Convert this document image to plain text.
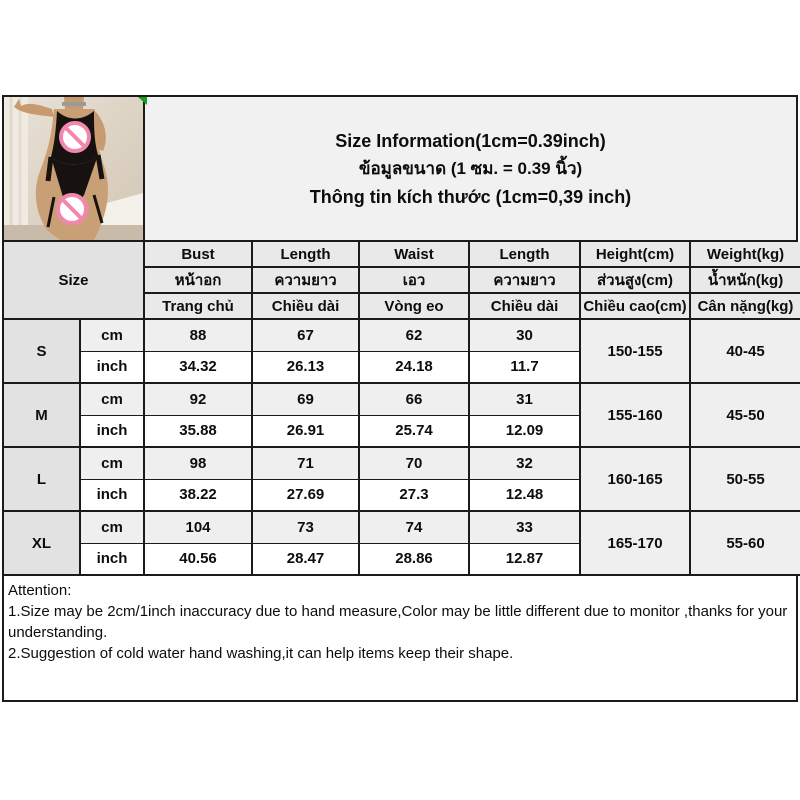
Size Information(1cm=0.39inch)
ข้อมูลขนาด (1 ซม. = 0.39 นิ้ว)
Thông tin kích thước (1cm=0,39 inch)
Size		Bust	Length	Waist	Length	Height(cm)	Weight(kg)
		หน้าอก	ความยาว	เอว	ความยาว	ส่วนสูง(cm)	น้ำหนัก(kg)
		Trang chủ	Chiều dài	Vòng eo	Chiều dài	Chiều cao(cm)	Cân nặng(kg)
S	cm	88	67	62	30	150-155	40-45
	inch	34.32	26.13	24.18	11.7		
M	cm	92	69	66	31	155-160	45-50
	inch	35.88	26.91	25.74	12.09		
L	cm	98	71	70	32	160-165	50-55
	inch	38.22	27.69	27.3	12.48		
XL	cm	104	73	74	33	165-170	55-60
	inch	40.56	28.47	28.86	12.87		
Attention:
1.Size may be 2cm/1inch inaccuracy due to hand measure,Color may be little different due to monitor ,thanks for your understanding.
2.Suggestion of cold water hand washing,it can help items keep their shape.
